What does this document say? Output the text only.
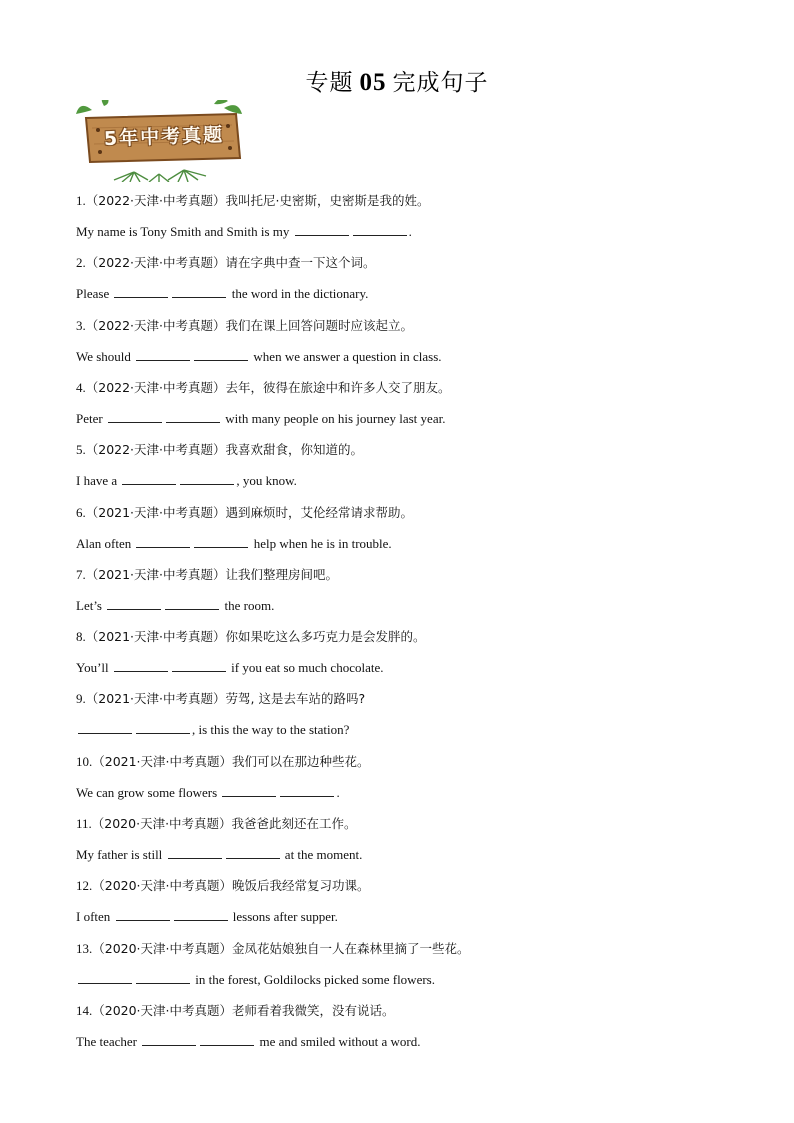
专题 05 完成句子
5年中考真题
1.（2022·天津·中考真题）我叫托尼·史密斯，史密斯是我的姓。
My name is Tony Smith and Smith is my	.
2.（2022·天津·中考真题）请在字典中查一下这个词。
Please	the word in the dictionary.
3.（2022·天津·中考真题）我们在课上回答问题时应该起立。
We should	when we answer a question in class.
4.（2022·天津·中考真题）去年，彼得在旅途中和许多人交了朋友。
Peter	with many people on his journey last year.
5.（2022·天津·中考真题）我喜欢甜食，你知道的。
I have a	, you know.
6.（2021·天津·中考真题）遇到麻烦时，艾伦经常请求帮助。
Alan often	help when he is in trouble.
7.（2021·天津·中考真题）让我们整理房间吧。
Let’s	the room.
8.（2021·天津·中考真题）你如果吃这么多巧克力是会发胖的。
You’ll	if you eat so much chocolate.
9.（2021·天津·中考真题）劳驾, 这是去车站的路吗?
, is this the way to the station?
10.（2021·天津·中考真题）我们可以在那边种些花。
We can grow some flowers	.
11.（2020·天津·中考真题）我爸爸此刻还在工作。
My father is still	at the moment.
12.（2020·天津·中考真题）晚饭后我经常复习功课。
I often	lessons after supper.
13.（2020·天津·中考真题）金凤花姑娘独自一人在森林里摘了一些花。
in the forest, Goldilocks picked some flowers.
14.（2020·天津·中考真题）老师看着我微笑，没有说话。
The teacher	me and smiled without a word.
